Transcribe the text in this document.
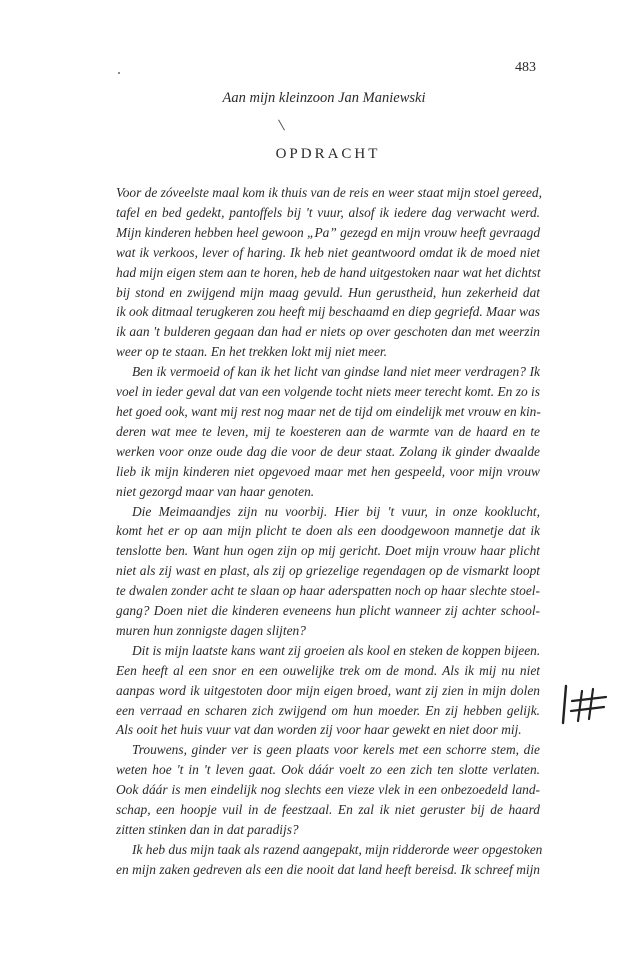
483
Aan mijn kleinzoon Jan Maniewski
OPDRACHT
Voor de zóveelste maal kom ik thuis van de reis en weer staat mijn stoel gereed,
tafel en bed gedekt, pantoffels bij 't vuur, alsof ik iedere dag verwacht werd.
Mijn kinderen hebben heel gewoon „Pa” gezegd en mijn vrouw heeft gevraagd
wat ik verkoos, lever of haring. Ik heb niet geantwoord omdat ik de moed niet
had mijn eigen stem aan te horen, heb de hand uitgestoken naar wat het dichtst
bij stond en zwijgend mijn maag gevuld. Hun gerustheid, hun zekerheid dat
ik ook ditmaal terugkeren zou heeft mij beschaamd en diep gegriefd. Maar was
ik aan 't bulderen gegaan dan had er niets op over geschoten dan met weerzin
weer op te staan. En het trekken lokt mij niet meer.
Ben ik vermoeid of kan ik het licht van gindse land niet meer verdragen? Ik
voel in ieder geval dat van een volgende tocht niets meer terecht komt. En zo is
het goed ook, want mij rest nog maar net de tijd om eindelijk met vrouw en kin-
deren wat mee te leven, mij te koesteren aan de warmte van de haard en te
werken voor onze oude dag die voor de deur staat. Zolang ik ginder dwaalde
lieb ik mijn kinderen niet opgevoed maar met hen gespeeld, voor mijn vrouw
niet gezorgd maar van haar genoten.
Die Meimaandjes zijn nu voorbij. Hier bij 't vuur, in onze kooklucht,
komt het er op aan mijn plicht te doen als een doodgewoon mannetje dat ik
tenslotte ben. Want hun ogen zijn op mij gericht. Doet mijn vrouw haar plicht
niet als zij wast en plast, als zij op griezelige regendagen op de vismarkt loopt
te dwalen zonder acht te slaan op haar aderspatten noch op haar slechte stoel-
gang? Doen niet die kinderen eveneens hun plicht wanneer zij achter school-
muren hun zonnigste dagen slijten?
Dit is mijn laatste kans want zij groeien als kool en steken de koppen bijeen.
Een heeft al een snor en een ouwelijke trek om de mond. Als ik mij nu niet
aanpas word ik uitgestoten door mijn eigen broed, want zij zien in mijn dolen
een verraad en scharen zich zwijgend om hun moeder. En zij hebben gelijk.
Als ooit het huis vuur vat dan worden zij voor haar gewekt en niet door mij.
Trouwens, ginder ver is geen plaats voor kerels met een schorre stem, die
weten hoe 't in 't leven gaat. Ook dáár voelt zo een zich ten slotte verlaten.
Ook dáár is men eindelijk nog slechts een vieze vlek in een onbezoedeld land-
schap, een hoopje vuil in de feestzaal. En zal ik niet geruster bij de haard
zitten stinken dan in dat paradijs?
Ik heb dus mijn taak als razend aangepakt, mijn ridderorde weer opgestoken
en mijn zaken gedreven als een die nooit dat land heeft bereisd. Ik schreef mijn
